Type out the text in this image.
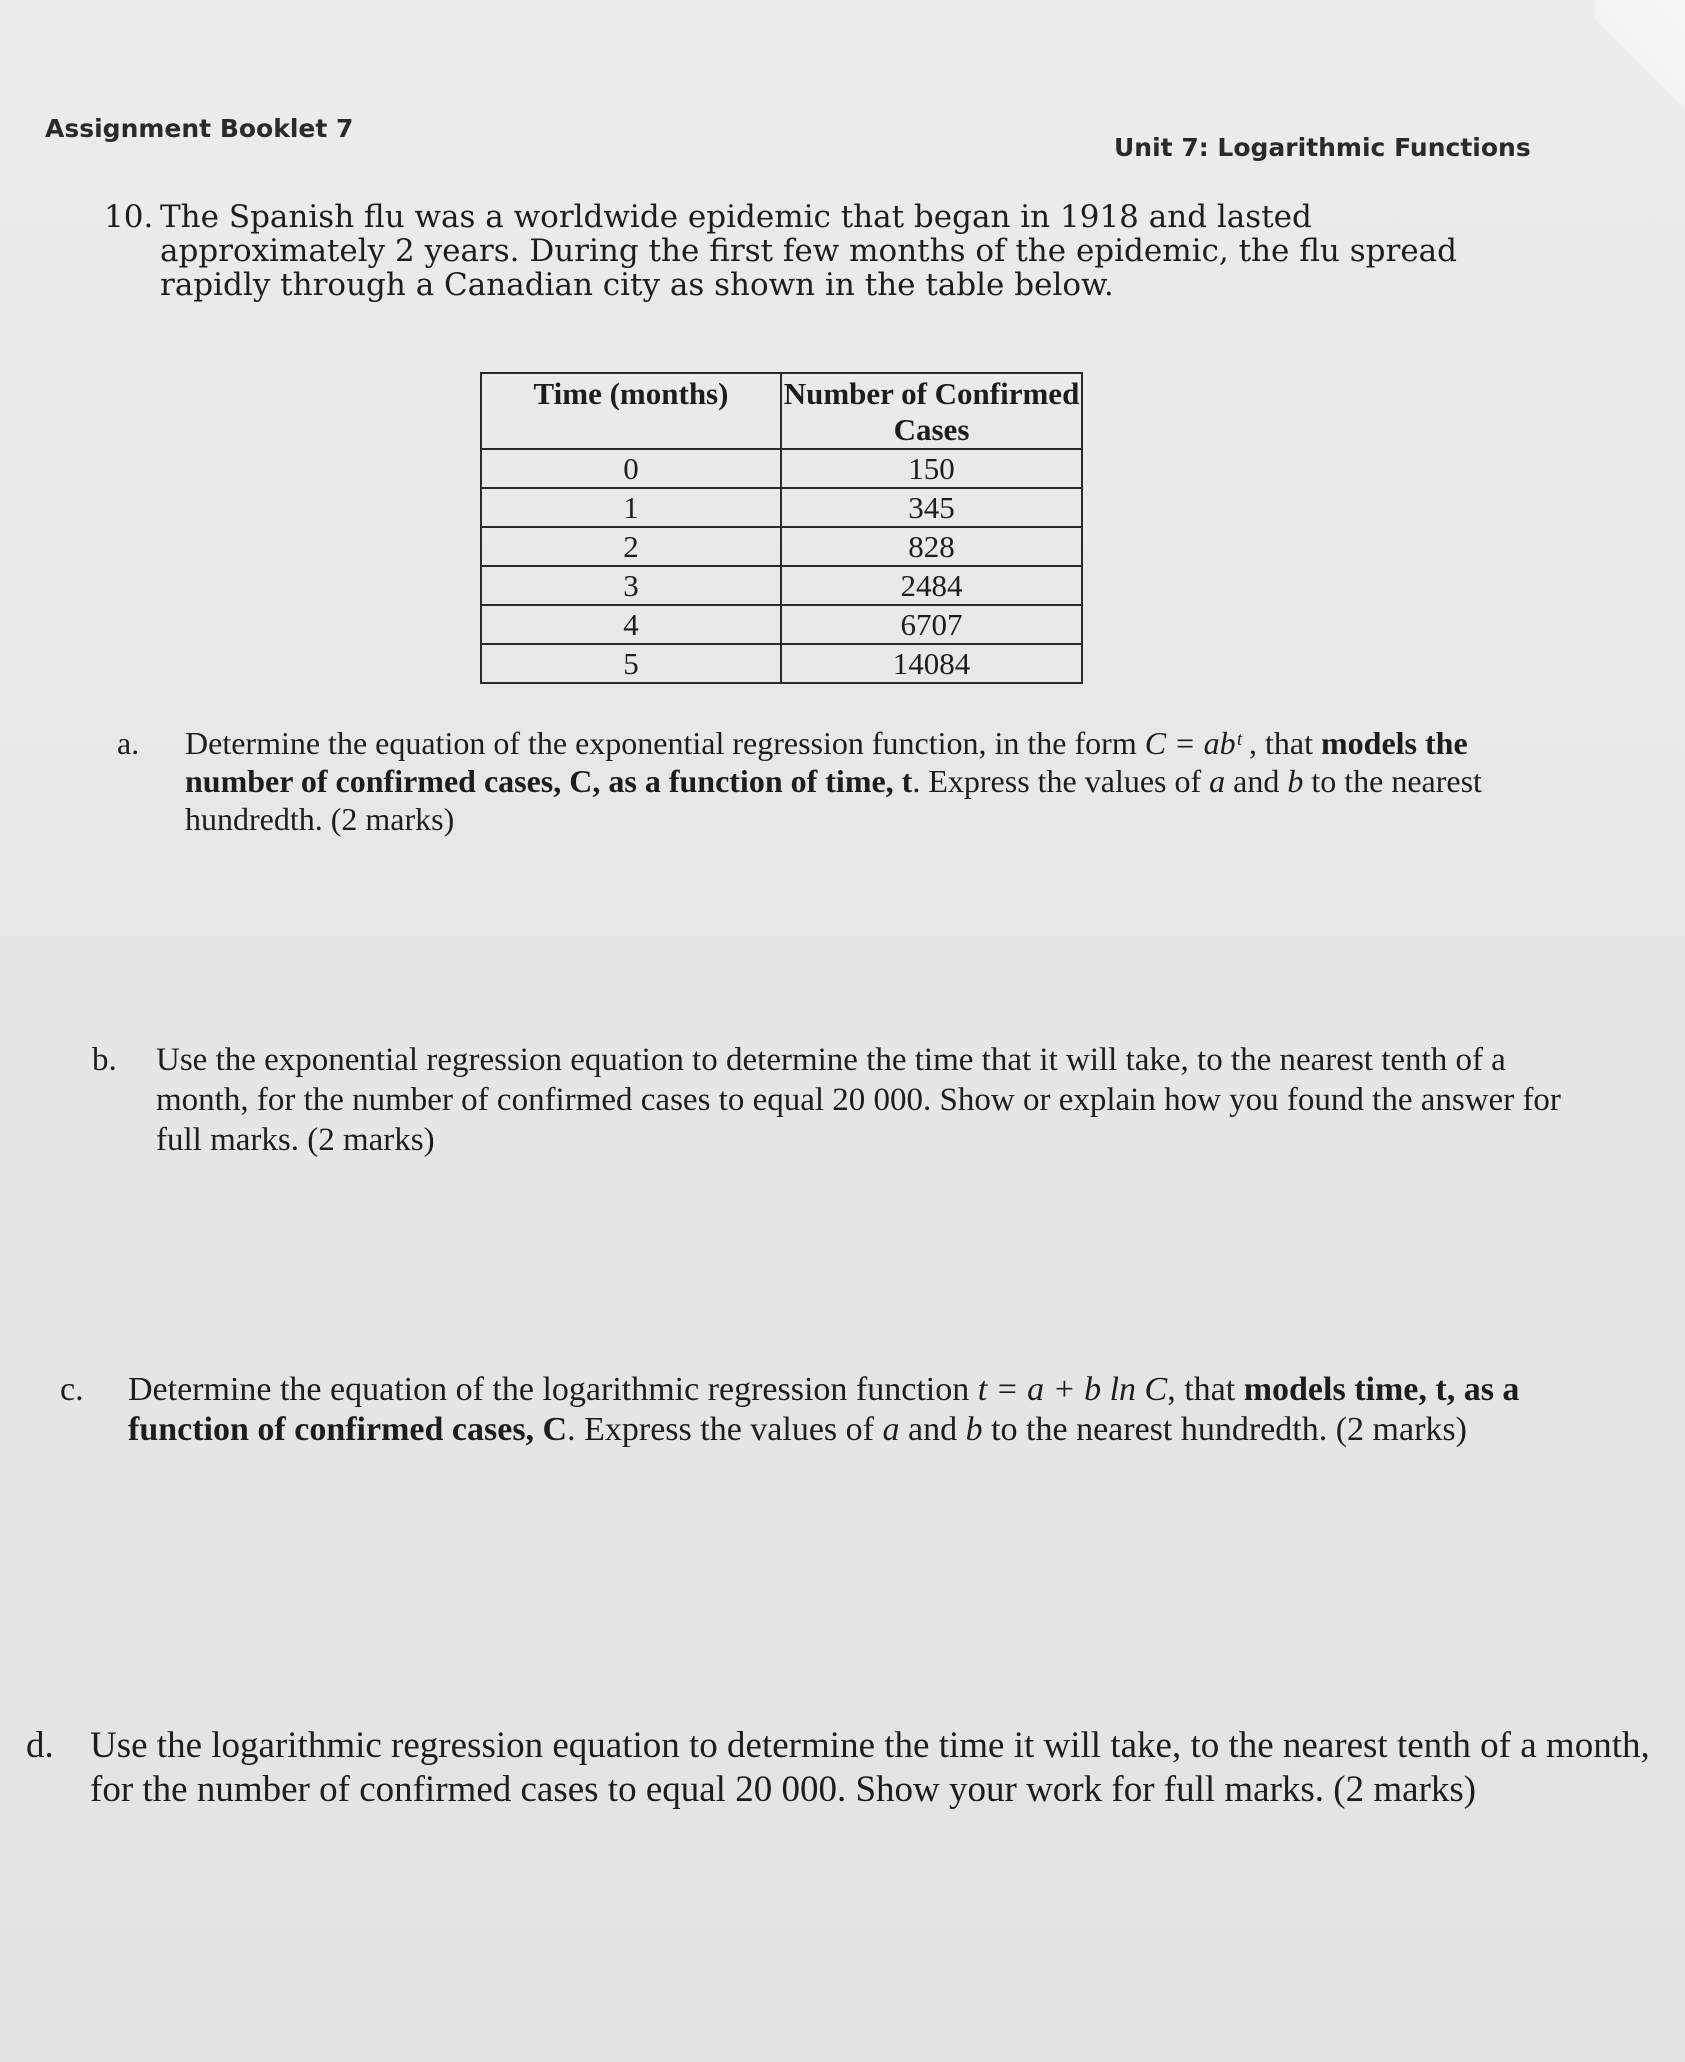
Assignment Booklet 7
Unit 7: Logarithmic Functions
10. The Spanish flu was a worldwide epidemic that began in 1918 and lasted approximately 2 years. During the first few months of the epidemic, the flu spread rapidly through a Canadian city as shown in the table below.
Time (months)	Number of Confirmed Cases
0	150
1	345
2	828
3	2484
4	6707
5	14084
a. Determine the equation of the exponential regression function, in the form C = abᵗ , that models the number of confirmed cases, C, as a function of time, t. Express the values of a and b to the nearest hundredth. (2 marks)
b. Use the exponential regression equation to determine the time that it will take, to the nearest tenth of a month, for the number of confirmed cases to equal 20 000. Show or explain how you found the answer for full marks. (2 marks)
c. Determine the equation of the logarithmic regression function t = a + b ln C, that models time, t, as a function of confirmed cases, C. Express the values of a and b to the nearest hundredth. (2 marks)
d. Use the logarithmic regression equation to determine the time it will take, to the nearest tenth of a month, for the number of confirmed cases to equal 20 000. Show your work for full marks. (2 marks)
